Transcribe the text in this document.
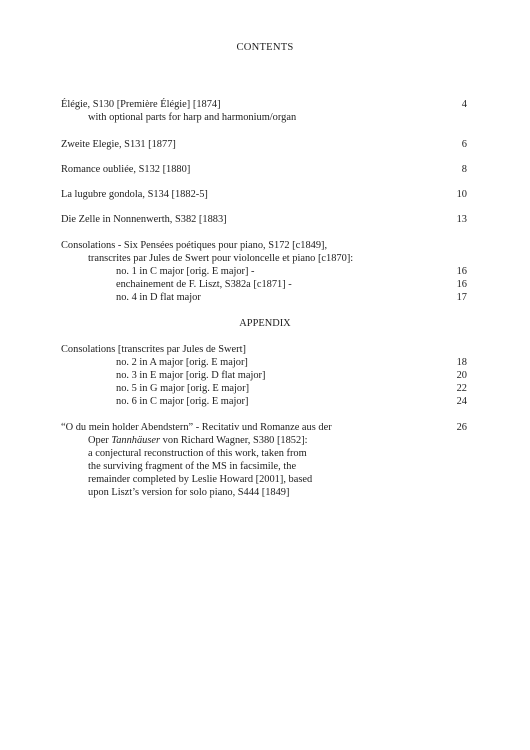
CONTENTS
Élégie, S130 [Première Élégie] [1874]	4
with optional parts for harp and harmonium/organ
Zweite Elegie, S131 [1877]	6
Romance oubliée, S132 [1880]	8
La lugubre gondola, S134 [1882-5]	10
Die Zelle in Nonnenwerth, S382 [1883]	13
Consolations - Six Pensées poétiques pour piano, S172 [c1849],
transcrites par Jules de Swert pour violoncelle et piano [c1870]:
no. 1 in C major [orig. E major] -	16
enchainement de F. Liszt, S382a [c1871] -	16
no. 4 in D flat major	17
APPENDIX
Consolations [transcrites par Jules de Swert]
no. 2 in A major [orig. E major]	18
no. 3 in E major [orig. D flat major]	20
no. 5 in G major [orig. E major]	22
no. 6 in C major [orig. E major]	24
“O du mein holder Abendstern” - Recitativ und Romanze aus der	26
Oper Tannhäuser von Richard Wagner, S380 [1852]:
a conjectural reconstruction of this work, taken from
the surviving fragment of the MS in facsimile, the
remainder completed by Leslie Howard [2001], based
upon Liszt’s version for solo piano, S444 [1849]
